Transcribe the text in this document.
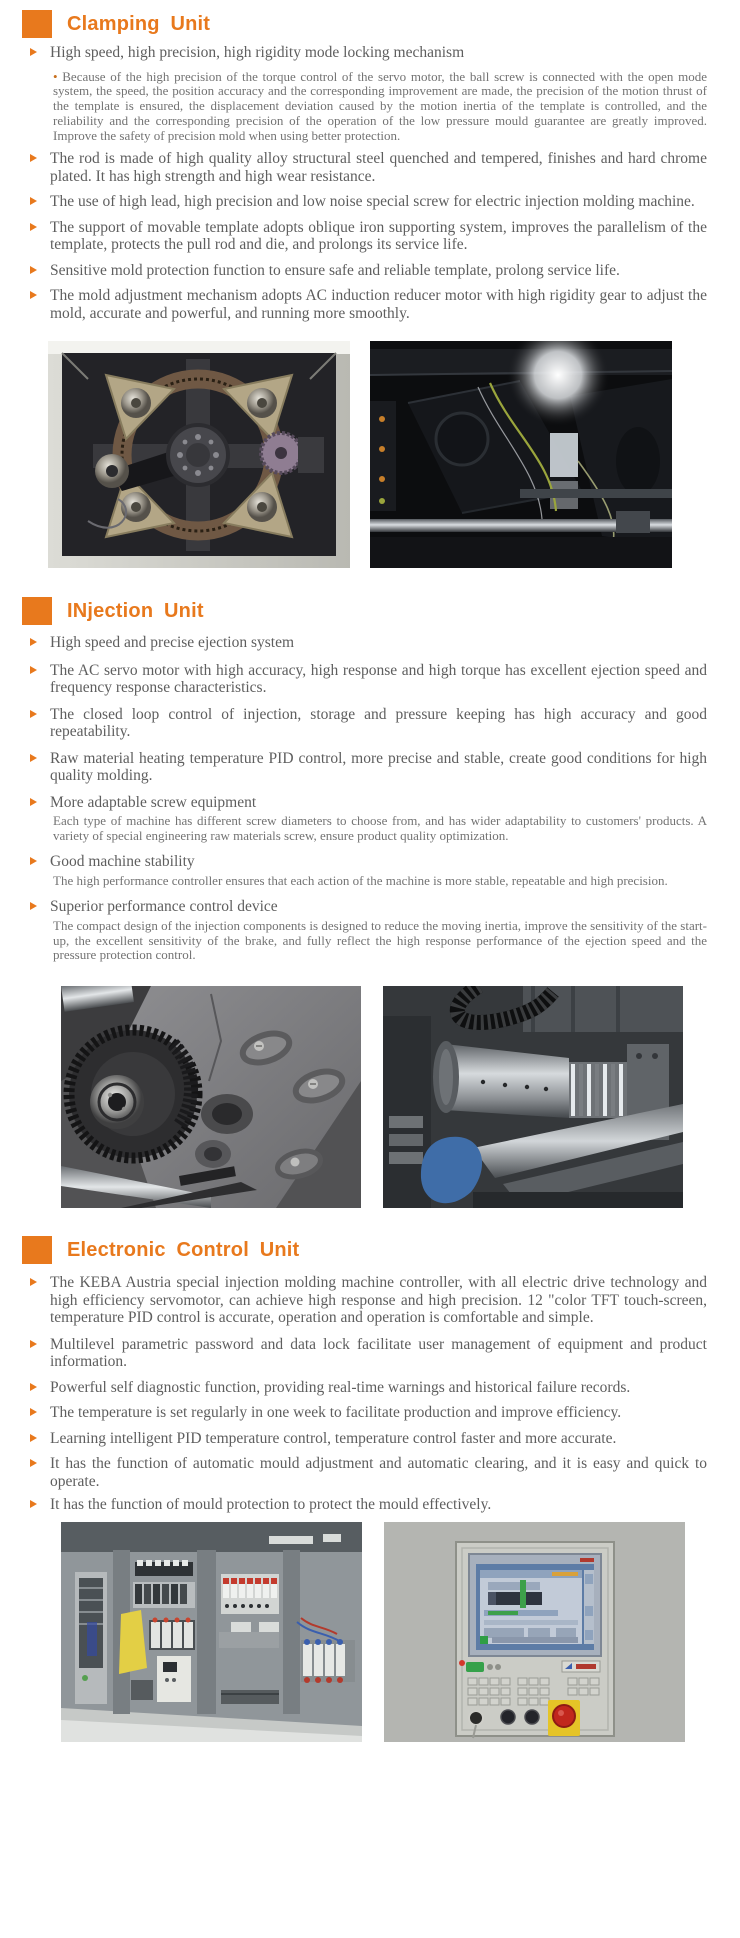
Clamping Unit
High speed, high precision, high rigidity mode locking mechanism
• Because of the high precision of the torque control of the servo motor, the ball screw is connected with the open mode system, the speed, the position accuracy and the corresponding improvement are made, the precision of the motion thrust of the template is ensured, the displacement deviation caused by the motion inertia of the template is controlled, and the reliability and the corresponding precision of the operation of the low pressure mould guarantee are greatly improved. Improve the safety of precision mold when using better protection.
The rod is made of high quality alloy structural steel quenched and tempered, finishes and hard chrome plated. It has high strength and high wear resistance.
The use of high lead, high precision and low noise special screw for electric injection molding machine.
The support of movable template adopts oblique iron supporting system, improves the parallelism of the template, protects the pull rod and die, and prolongs its service life.
Sensitive mold protection function to ensure safe and reliable template, prolong service life.
The mold adjustment mechanism adopts AC induction reducer motor with high rigidity gear to adjust the mold, accurate and powerful, and running more smoothly.
INjection Unit
High speed and precise ejection system
The AC servo motor with high accuracy, high response and high torque has excellent ejection speed and frequency response characteristics.
The closed loop control of injection, storage and pressure keeping has high accuracy and good repeatability.
Raw material heating temperature PID control, more precise and stable, create good conditions for high quality molding.
More adaptable screw equipment
Each type of machine has different screw diameters to choose from, and has wider adaptability to customers' products. A variety of special engineering raw materials screw, ensure product quality optimization.
Good machine stability
The high performance controller ensures that each action of the machine is more stable, repeatable and high precision.
Superior performance control device
The compact design of the injection components is designed to reduce the moving inertia, improve the sensitivity of the start-up, the excellent sensitivity of the brake, and fully reflect the high response performance of the ejection speed and the pressure protection control.
Electronic Control Unit
The KEBA Austria special injection molding machine controller, with all electric drive technology and high efficiency servomotor, can achieve high response and high precision. 12 "color TFT touch-screen, temperature PID control is accurate, operation and operation is comfortable and simple.
Multilevel parametric password and data lock facilitate user management of equipment and product information.
Powerful self diagnostic function, providing real-time warnings and historical failure records.
The temperature is set regularly in one week to facilitate production and improve efficiency.
Learning intelligent PID temperature control, temperature control faster and more accurate.
It has the function of automatic mould adjustment and automatic clearing, and it is easy and quick to operate.
It has the function of mould protection to protect the mould effectively.
